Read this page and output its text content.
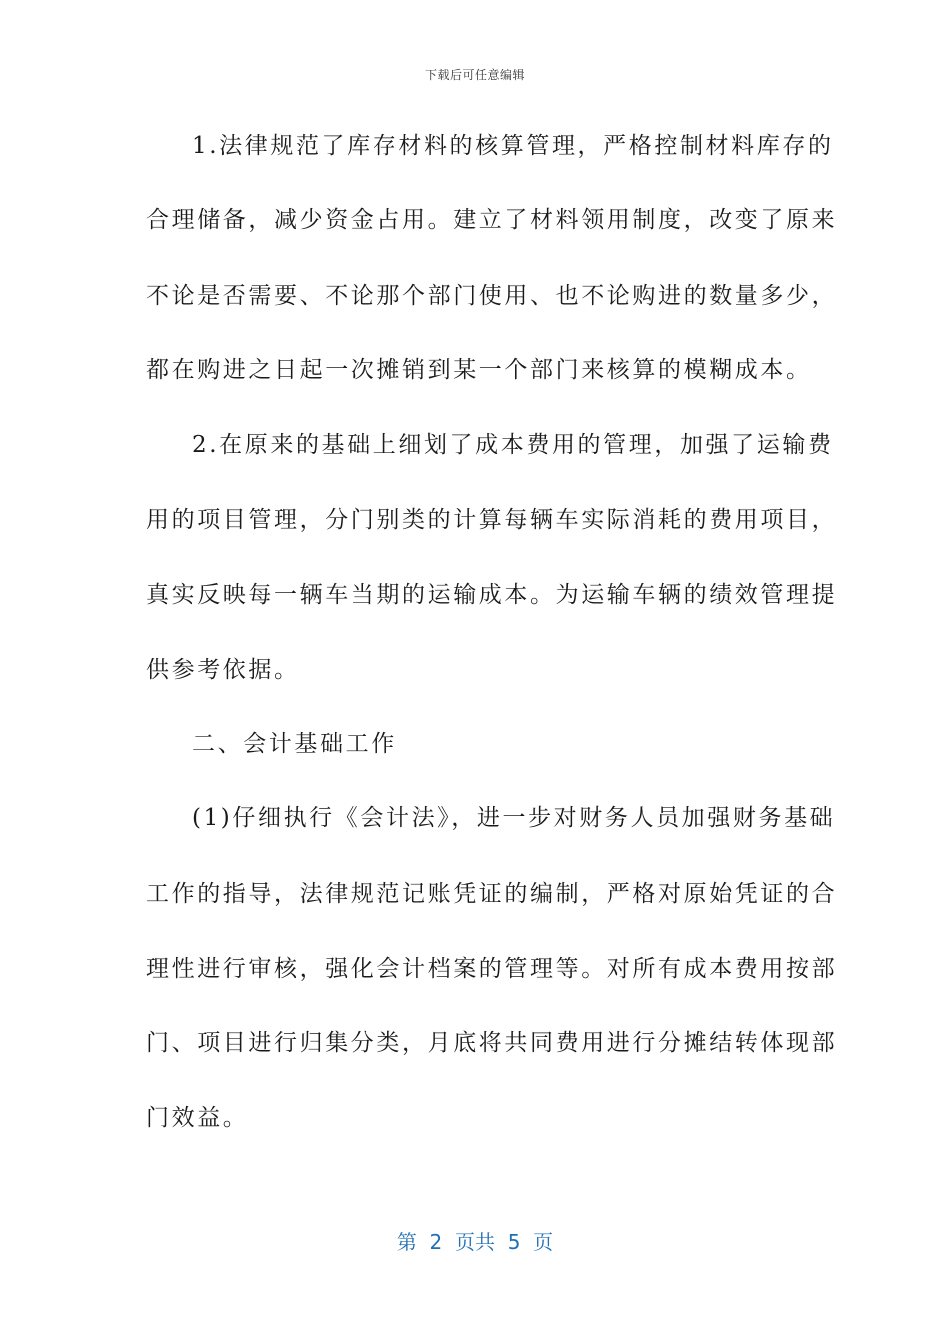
下载后可任意编辑
1.法律规范了库存材料的核算管理，严格控制材料库存的
合理储备，减少资金占用。建立了材料领用制度，改变了原来
不论是否需要、不论那个部门使用、也不论购进的数量多少，
都在购进之日起一次摊销到某一个部门来核算的模糊成本。
2.在原来的基础上细划了成本费用的管理，加强了运输费
用的项目管理，分门别类的计算每辆车实际消耗的费用项目，
真实反映每一辆车当期的运输成本。为运输车辆的绩效管理提
供参考依据。
二、会计基础工作
(1)仔细执行《会计法》，进一步对财务人员加强财务基础
工作的指导，法律规范记账凭证的编制，严格对原始凭证的合
理性进行审核，强化会计档案的管理等。对所有成本费用按部
门、项目进行归集分类，月底将共同费用进行分摊结转体现部
门效益。
第  2  页共  5  页
